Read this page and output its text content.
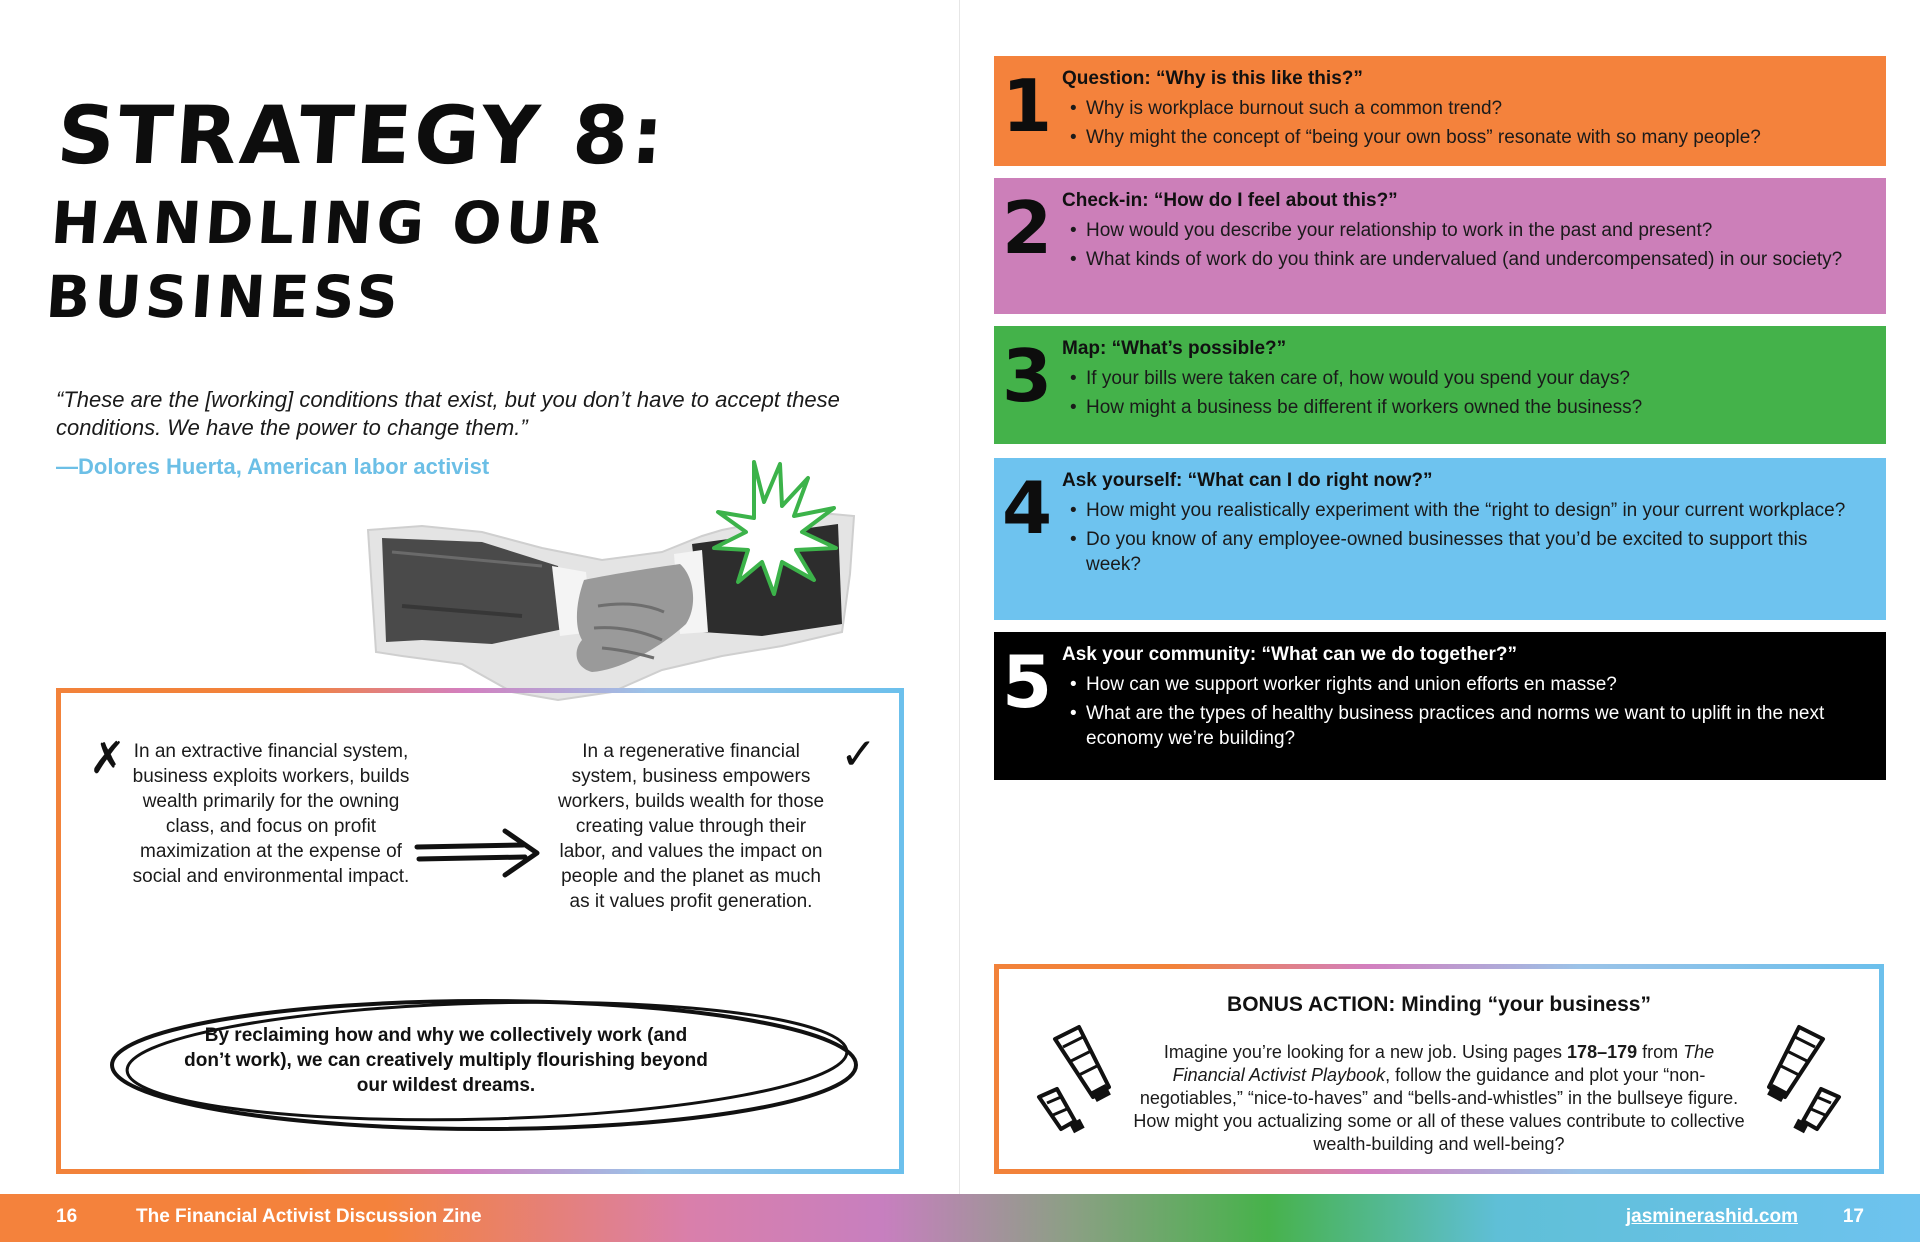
STRATEGY 8:
HANDLING OUR
BUSINESS

“These are the [working] conditions that exist, but you don’t have to accept these conditions. We have the power to change them.”

—Dolores Huerta, American labor activist

✗ In an extractive financial system, business exploits workers, builds wealth primarily for the owning class, and focus on profit maximization at the expense of social and environmental impact.

In a regenerative financial system, business empowers workers, builds wealth for those creating value through their labor, and values the impact on people and the planet as much as it values profit generation.

✓

By reclaiming how and why we collectively work (and don’t work), we can creatively multiply flourishing beyond our wildest dreams.

1 Question: “Why is this like this?”

• Why is workplace burnout such a common trend?
• Why might the concept of “being your own boss” resonate with so many people?
2 Check-in: “How do I feel about this?”

• How would you describe your relationship to work in the past and present?
• What kinds of work do you think are undervalued (and undercompensated) in our society?
3 Map: “What’s possible?”

• If your bills were taken care of, how would you spend your days?
• How might a business be different if workers owned the business?
4 Ask yourself: “What can I do right now?”

• How might you realistically experiment with the “right to design” in your current workplace?
• Do you know of any employee-owned businesses that you’d be excited to support this week?
5 Ask your community: “What can we do together?”

• How can we support worker rights and union efforts en masse?
• What are the types of healthy business practices and norms we want to uplift in the next economy we’re building?

BONUS ACTION: Minding “your business”

Imagine you’re looking for a new job. Using pages 178–179 from The Financial Activist Playbook, follow the guidance and plot your “non-negotiables,” “nice-to-haves” and “bells-and-whistles” in the bullseye figure. How might you actualizing some or all of these values contribute to collective wealth-building and well-being?

16	The Financial Activist Discussion Zine	jasminerashid.com 17
